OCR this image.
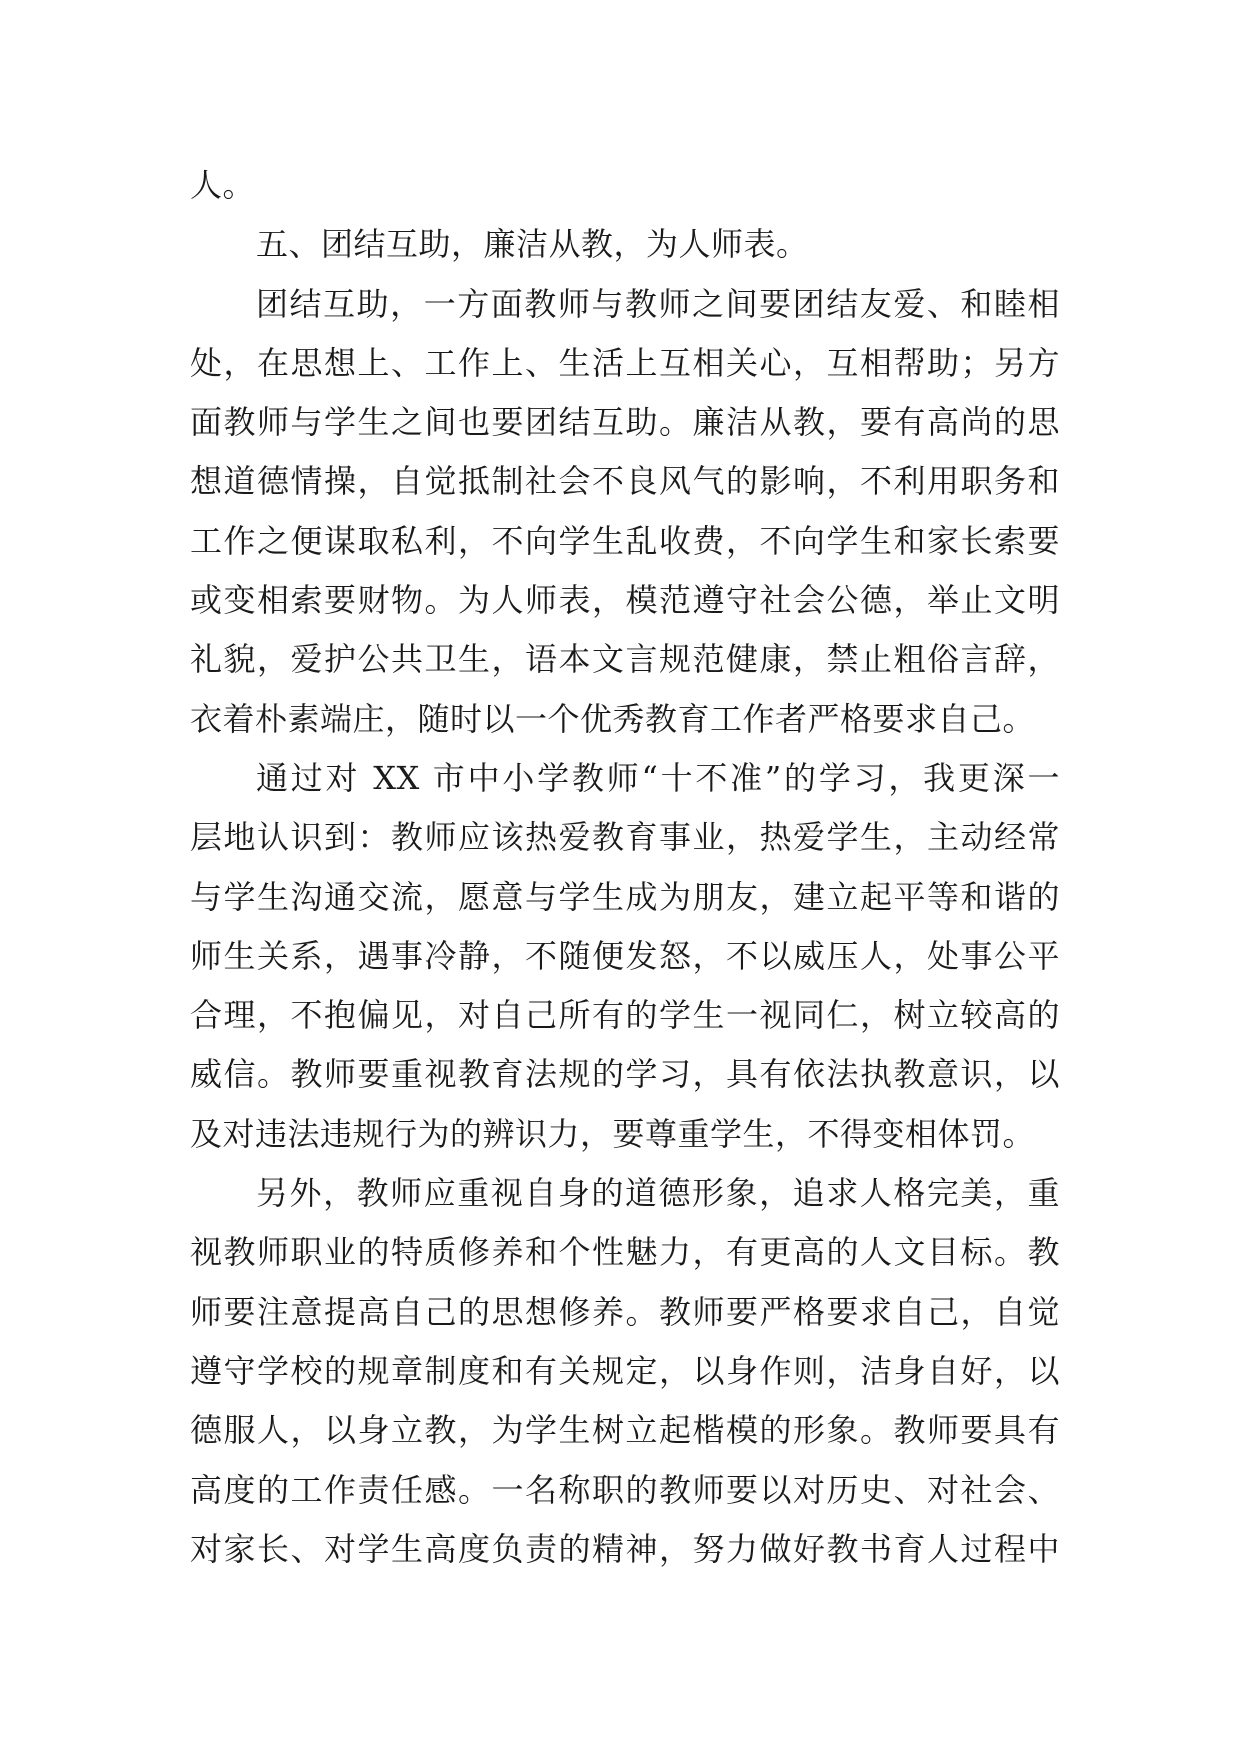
人。
五、团结互助，廉洁从教，为人师表。
团结互助，一方面教师与教师之间要团结友爱、和睦相
处，在思想上、工作上、生活上互相关心，互相帮助；另方
面教师与学生之间也要团结互助。廉洁从教，要有高尚的思
想道德情操，自觉抵制社会不良风气的影响，不利用职务和
工作之便谋取私利，不向学生乱收费，不向学生和家长索要
或变相索要财物。为人师表，模范遵守社会公德，举止文明
礼貌，爱护公共卫生，语本文言规范健康，禁止粗俗言辞，
衣着朴素端庄，随时以一个优秀教育工作者严格要求自己。
通过对 XX 市中小学教师“十不准”的学习，我更深一
层地认识到：教师应该热爱教育事业，热爱学生，主动经常
与学生沟通交流，愿意与学生成为朋友，建立起平等和谐的
师生关系，遇事冷静，不随便发怒，不以威压人，处事公平
合理，不抱偏见，对自己所有的学生一视同仁，树立较高的
威信。教师要重视教育法规的学习，具有依法执教意识，以
及对违法违规行为的辨识力，要尊重学生，不得变相体罚。
另外，教师应重视自身的道德形象，追求人格完美，重
视教师职业的特质修养和个性魅力，有更高的人文目标。教
师要注意提高自己的思想修养。教师要严格要求自己，自觉
遵守学校的规章制度和有关规定，以身作则，洁身自好，以
德服人，以身立教，为学生树立起楷模的形象。教师要具有
高度的工作责任感。一名称职的教师要以对历史、对社会、
对家长、对学生高度负责的精神，努力做好教书育人过程中
